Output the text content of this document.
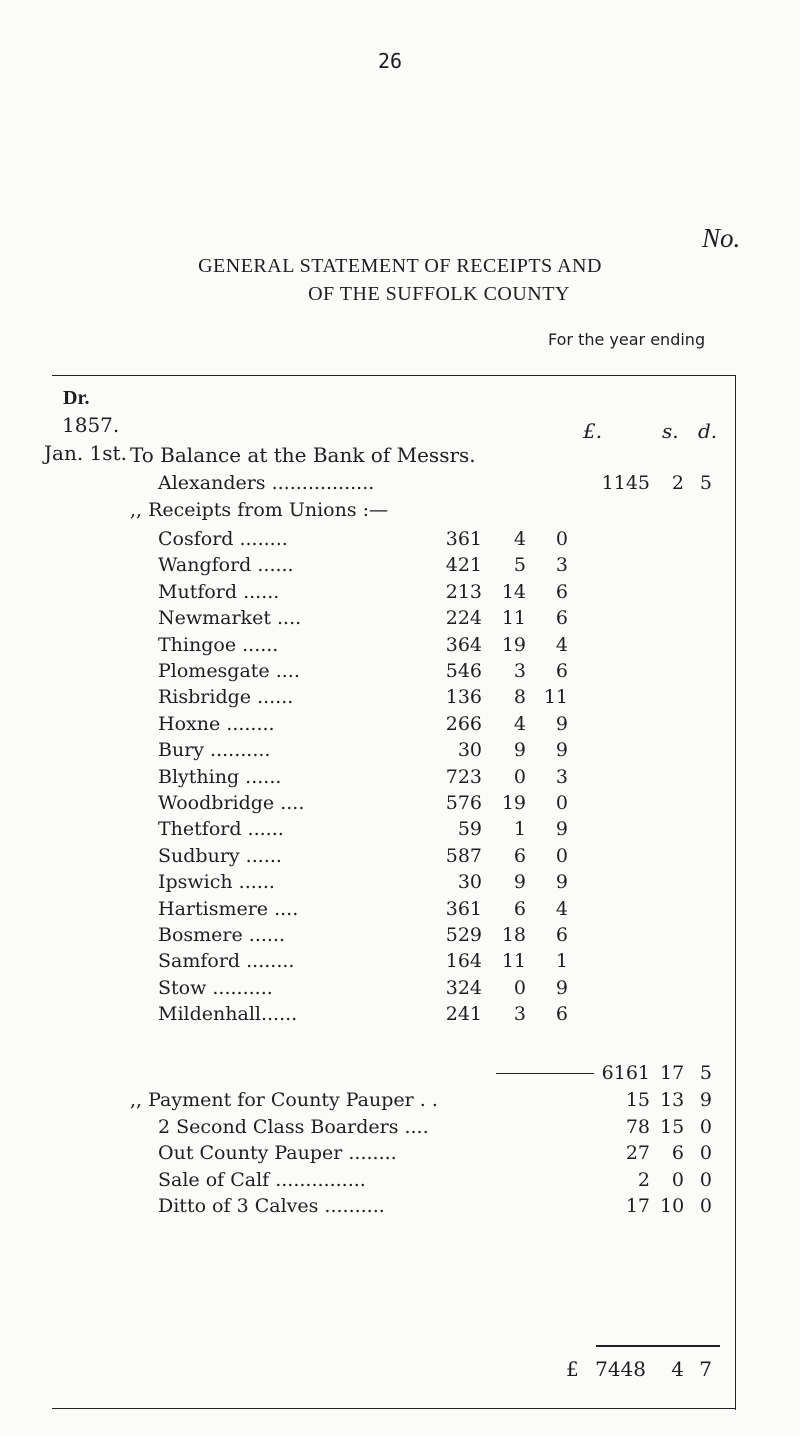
26
No.
GENERAL STATEMENT OF RECEIPTS AND
OF THE SUFFOLK COUNTY
For the year ending
Dr.
1857.
Jan. 1st.
£.	s. d.
To Balance at the Bank of Messrs.
Alexanders .................	1145	2 5
,, Receipts from Unions :—
Cosford ........	361	4	0
Wangford ......	421	5	3
Mutford ......	213 14	6
Newmarket ....	224 11	6
Thingoe ......	364 19	4
Plomesgate ....	546	3	6
Risbridge ......	136	8 11
Hoxne ........	266	4	9
Bury ..........	30	9	9
Blything ......	723	0	3
Woodbridge ....	576 19	0
Thetford ......	59	1	9
Sudbury ......	587	6	0
Ipswich ......	30	9	9
Hartismere ....	361	6	4
Bosmere ......	529 18	6
Samford ........	164 11	1
Stow ..........	324	0	9
Mildenhall......	241	3	6
6161 17 5
,, Payment for County Pauper . .	15 13 9
2 Second Class Boarders ....	78 15 0
Out County Pauper ........	27	6 0
Sale of Calf ...............	2	0 0
Ditto of 3 Calves ..........	17 10 0
£ 7448	4 7
